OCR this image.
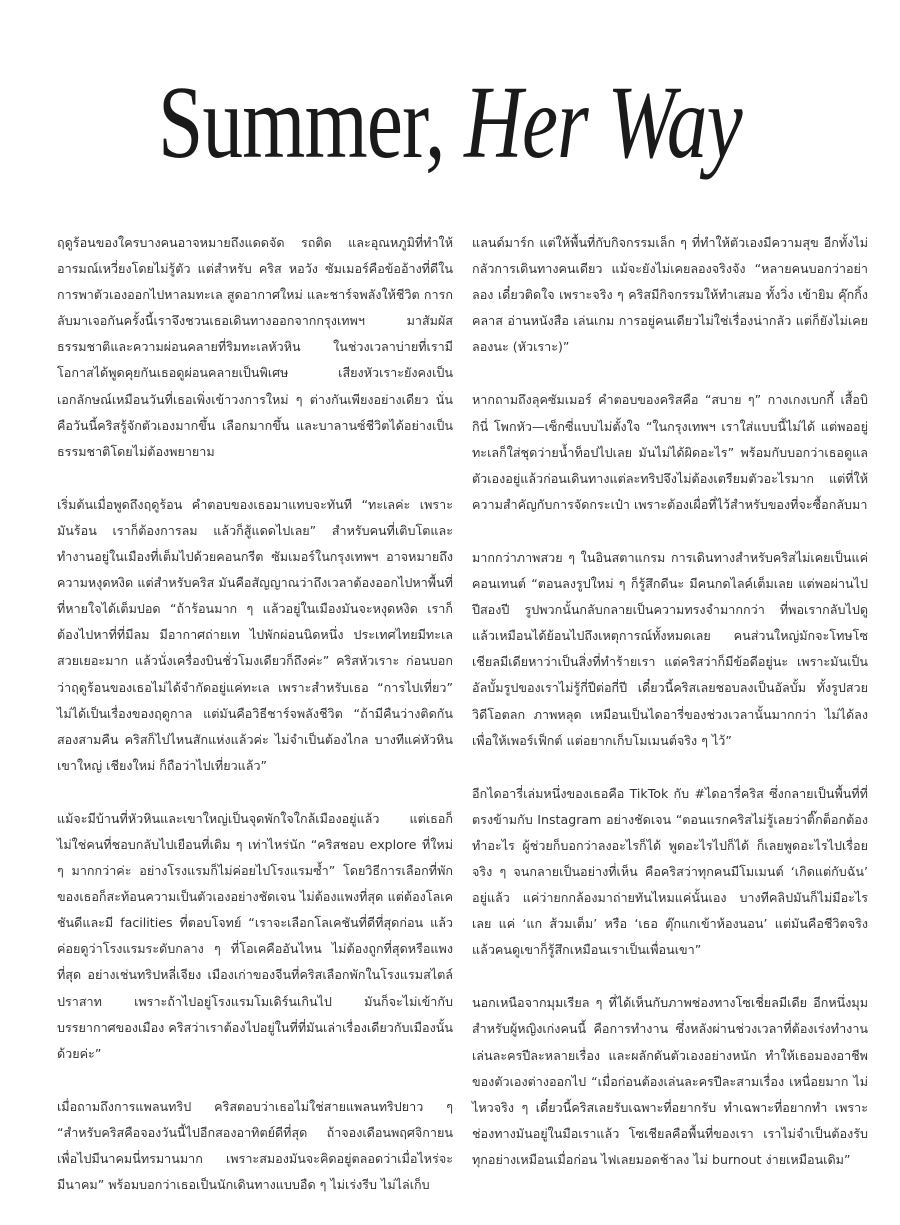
Summer, Her Way

ฤดูร้อนของใครบางคนอาจหมายถึงแดดจัด รถติด และอุณหภูมิที่ทำให้อารมณ์เหวี่ยงโดยไม่รู้ตัว แต่สำหรับ คริส หอวัง ซัมเมอร์คือข้ออ้างที่ดีในการพาตัวเองออกไปหาลมทะเล สูดอากาศใหม่ และชาร์จพลังให้ชีวิต การกลับมาเจอกันครั้งนี้เราจึงชวนเธอเดินทางออกจากกรุงเทพฯ มาสัมผัสธรรมชาติและความผ่อนคลายที่ริมทะเลหัวหิน ในช่วงเวลาบ่ายที่เรามีโอกาสได้พูดคุยกันเธอดูผ่อนคลายเป็นพิเศษ เสียงหัวเราะยังคงเป็นเอกลักษณ์เหมือนวันที่เธอเพิ่งเข้าวงการใหม่ ๆ ต่างกันเพียงอย่างเดียว นั่นคือวันนี้คริสรู้จักตัวเองมากขึ้น เลือกมากขึ้น และบาลานซ์ชีวิตได้อย่างเป็นธรรมชาติโดยไม่ต้องพยายาม

เริ่มต้นเมื่อพูดถึงฤดูร้อน คำตอบของเธอมาแทบจะทันที “ทะเลค่ะ เพราะมันร้อน เราก็ต้องการลม แล้วก็สู้แดดไปเลย” สำหรับคนที่เติบโตและทำงานอยู่ในเมืองที่เต็มไปด้วยคอนกรีต ซัมเมอร์ในกรุงเทพฯ อาจหมายถึงความหงุดหงิด แต่สำหรับคริส มันคือสัญญาณว่าถึงเวลาต้องออกไปหาพื้นที่ที่หายใจได้เต็มปอด “ถ้าร้อนมาก ๆ แล้วอยู่ในเมืองมันจะหงุดหงิด เราก็ต้องไปหาที่ที่มีลม มีอากาศถ่ายเท ไปพักผ่อนนิดหนึ่ง ประเทศไทยมีทะเลสวยเยอะมาก แล้วนั่งเครื่องบินชั่วโมงเดียวก็ถึงค่ะ” คริสหัวเราะ ก่อนบอกว่าฤดูร้อนของเธอไม่ได้จำกัดอยู่แค่ทะเล เพราะสำหรับเธอ “การไปเที่ยว” ไม่ได้เป็นเรื่องของฤดูกาล แต่มันคือวิธีชาร์จพลังชีวิต “ถ้ามีคืนว่างติดกันสองสามคืน คริสก็ไปไหนสักแห่งแล้วค่ะ ไม่จำเป็นต้องไกล บางทีแค่หัวหิน เขาใหญ่ เชียงใหม่ ก็ถือว่าไปเที่ยวแล้ว”

แม้จะมีบ้านที่หัวหินและเขาใหญ่เป็นจุดพักใจใกล้เมืองอยู่แล้ว แต่เธอก็ไม่ใช่คนที่ชอบกลับไปเยือนที่เดิม ๆ เท่าไหร่นัก “คริสชอบ explore ที่ใหม่ ๆ มากกว่าค่ะ อย่างโรงแรมก็ไม่ค่อยไปโรงแรมซ้ำ” โดยวิธีการเลือกที่พักของเธอก็สะท้อนความเป็นตัวเองอย่างชัดเจน ไม่ต้องแพงที่สุด แต่ต้องโลเคชันดีและมี facilities ที่ตอบโจทย์ “เราจะเลือกโลเคชันที่ดีที่สุดก่อน แล้วค่อยดูว่าโรงแรมระดับกลาง ๆ ที่โอเคคืออันไหน ไม่ต้องถูกที่สุดหรือแพงที่สุด อย่างเช่นทริปหลี่เจียง เมืองเก่าของจีนที่คริสเลือกพักในโรงแรมสไตล์ปราสาท เพราะถ้าไปอยู่โรงแรมโมเดิร์นเกินไป มันก็จะไม่เข้ากับบรรยากาศของเมือง คริสว่าเราต้องไปอยู่ในที่ที่มันเล่าเรื่องเดียวกับเมืองนั้นด้วยค่ะ”

เมื่อถามถึงการแพลนทริป คริสตอบว่าเธอไม่ใช่สายแพลนทริปยาว ๆ “สำหรับคริสคือจองวันนี้ไปอีกสองอาทิตย์ดีที่สุด ถ้าจองเดือนพฤศจิกายนเพื่อไปมีนาคมนี่ทรมานมาก เพราะสมองมันจะคิดอยู่ตลอดว่าเมื่อไหร่จะมีนาคม” พร้อมบอกว่าเธอเป็นนักเดินทางแบบอืด ๆ ไม่เร่งรีบ ไม่ไล่เก็บ

แลนด์มาร์ก แต่ให้พื้นที่กับกิจกรรมเล็ก ๆ ที่ทำให้ตัวเองมีความสุข อีกทั้งไม่กลัวการเดินทางคนเดียว แม้จะยังไม่เคยลองจริงจัง “หลายคนบอกว่าอย่าลอง เดี๋ยวติดใจ เพราะจริง ๆ คริสมีกิจกรรมให้ทำเสมอ ทั้งวิ่ง เข้ายิม คุ๊กกิ้งคลาส อ่านหนังสือ เล่นเกม การอยู่คนเดียวไม่ใช่เรื่องน่ากลัว แต่ก็ยังไม่เคยลองนะ (หัวเราะ)”

หากถามถึงลุคซัมเมอร์ คำตอบของคริสคือ “สบาย ๆ” กางเกงเบกกี้ เสื้อบิกินี่ โพกหัว—เซ็กซี่แบบไม่ตั้งใจ “ในกรุงเทพฯ เราใส่แบบนี้ไม่ได้ แต่พออยู่ทะเลก็ใส่ชุดว่ายน้ำท็อปไปเลย มันไม่ได้ผิดอะไร” พร้อมกับบอกว่าเธอดูแลตัวเองอยู่แล้วก่อนเดินทางแต่ละทริปจึงไม่ต้องเตรียมตัวอะไรมาก แต่ที่ให้ความสำคัญกับการจัดกระเป๋า เพราะต้องเผื่อที่ไว้สำหรับของที่จะซื้อกลับมา

มากกว่าภาพสวย ๆ ในอินสตาแกรม การเดินทางสำหรับคริสไม่เคยเป็นแค่คอนเทนต์ “ตอนลงรูปใหม่ ๆ ก็รู้สึกดีนะ มีคนกดไลค์เต็มเลย แต่พอผ่านไปปีสองปี รูปพวกนั้นกลับกลายเป็นความทรงจำมากกว่า ที่พอเรากลับไปดูแล้วเหมือนได้ย้อนไปถึงเหตุการณ์ทั้งหมดเลย คนส่วนใหญ่มักจะโทษโซเชียลมีเดียหาว่าเป็นสิ่งที่ทำร้ายเรา แต่คริสว่าก็มีข้อดีอยู่นะ เพราะมันเป็นอัลบั้มรูปของเราไม่รู้กี่ปีต่อกี่ปี เดี๋ยวนี้คริสเลยชอบลงเป็นอัลบั้ม ทั้งรูปสวย วิดีโอตลก ภาพหลุด เหมือนเป็นไดอารี่ของช่วงเวลานั้นมากกว่า ไม่ได้ลงเพื่อให้เพอร์เฟ็กต์ แต่อยากเก็บโมเมนต์จริง ๆ ไว้”

อีกไดอารี่เล่มหนึ่งของเธอคือ TikTok กับ #ไดอารี่คริส ซึ่งกลายเป็นพื้นที่ที่ตรงข้ามกับ Instagram อย่างชัดเจน “ตอนแรกคริสไม่รู้เลยว่าติ๊กต็อกต้องทำอะไร ผู้ช่วยก็บอกว่าลงอะไรก็ได้ พูดอะไรไปก็ได้ ก็เลยพูดอะไรไปเรื่อยจริง ๆ จนกลายเป็นอย่างที่เห็น คือคริสว่าทุกคนมีโมเมนต์ ‘เกิดแต่กับฉัน’ อยู่แล้ว แค่ว่ายกกล้องมาถ่ายทันไหมแค่นั้นเอง บางทีคลิปมันก็ไม่มีอะไรเลย แค่ ‘แก ส้วมเต็ม’ หรือ ‘เธอ ตุ๊กแกเข้าห้องนอน’ แต่มันคือชีวิตจริง แล้วคนดูเขาก็รู้สึกเหมือนเราเป็นเพื่อนเขา”

นอกเหนือจากมุมเรียล ๆ ที่ได้เห็นกับภาพช่องทางโซเชี่ยลมีเดีย อีกหนึ่งมุมสำหรับผู้หญิงเก่งคนนี้ คือการทำงาน ซึ่งหลังผ่านช่วงเวลาที่ต้องเร่งทำงานเล่นละครปีละหลายเรื่อง และผลักดันตัวเองอย่างหนัก ทำให้เธอมองอาชีพของตัวเองต่างออกไป “เมื่อก่อนต้องเล่นละครปีละสามเรื่อง เหนื่อยมาก ไม่ไหวจริง ๆ เดี๋ยวนี้คริสเลยรับเฉพาะที่อยากรับ ทำเฉพาะที่อยากทำ เพราะช่องทางมันอยู่ในมือเราแล้ว โซเชียลคือพื้นที่ของเรา เราไม่จำเป็นต้องรับทุกอย่างเหมือนเมื่อก่อน ไฟเลยมอดช้าลง ไม่ burnout ง่ายเหมือนเดิม”
